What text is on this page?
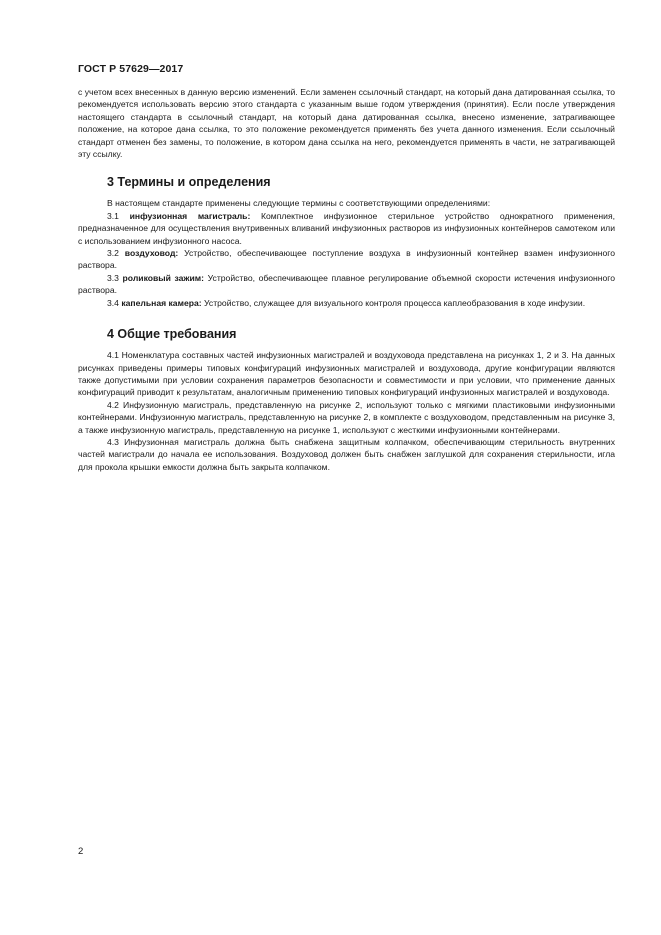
ГОСТ Р 57629—2017

с учетом всех внесенных в данную версию изменений. Если заменен ссылочный стандарт, на который дана датированная ссылка, то рекомендуется использовать версию этого стандарта с указанным выше годом утверждения (принятия). Если после утверждения настоящего стандарта в ссылочный стандарт, на который дана датированная ссылка, внесено изменение, затрагивающее положение, на которое дана ссылка, то это положение рекомендуется применять без учета данного изменения. Если ссылочный стандарт отменен без замены, то положение, в котором дана ссылка на него, рекомендуется применять в части, не затрагивающей эту ссылку.

3 Термины и определения

В настоящем стандарте применены следующие термины с соответствующими определениями:

3.1 инфузионная магистраль: Комплектное инфузионное стерильное устройство однократного применения, предназначенное для осуществления внутривенных вливаний инфузионных растворов из инфузионных контейнеров самотеком или с использованием инфузионного насоса.

3.2 воздуховод: Устройство, обеспечивающее поступление воздуха в инфузионный контейнер взамен инфузионного раствора.

3.3 роликовый зажим: Устройство, обеспечивающее плавное регулирование объемной скорости истечения инфузионного раствора.

3.4 капельная камера: Устройство, служащее для визуального контроля процесса каплеобразования в ходе инфузии.

4 Общие требования

4.1 Номенклатура составных частей инфузионных магистралей и воздуховода представлена на рисунках 1, 2 и 3. На данных рисунках приведены примеры типовых конфигураций инфузионных магистралей и воздуховода, другие конфигурации являются также допустимыми при условии сохранения параметров безопасности и совместимости и при условии, что применение данных конфигураций приводит к результатам, аналогичным применению типовых конфигураций инфузионных магистралей и воздуховода.

4.2 Инфузионную магистраль, представленную на рисунке 2, используют только с мягкими пластиковыми инфузионными контейнерами. Инфузионную магистраль, представленную на рисунке 2, в комплекте с воздуховодом, представленным на рисунке 3, а также инфузионную магистраль, представленную на рисунке 1, используют с жесткими инфузионными контейнерами.

4.3 Инфузионная магистраль должна быть снабжена защитным колпачком, обеспечивающим стерильность внутренних частей магистрали до начала ее использования. Воздуховод должен быть снабжен заглушкой для сохранения стерильности, игла для прокола крышки емкости должна быть закрыта колпачком.

2
